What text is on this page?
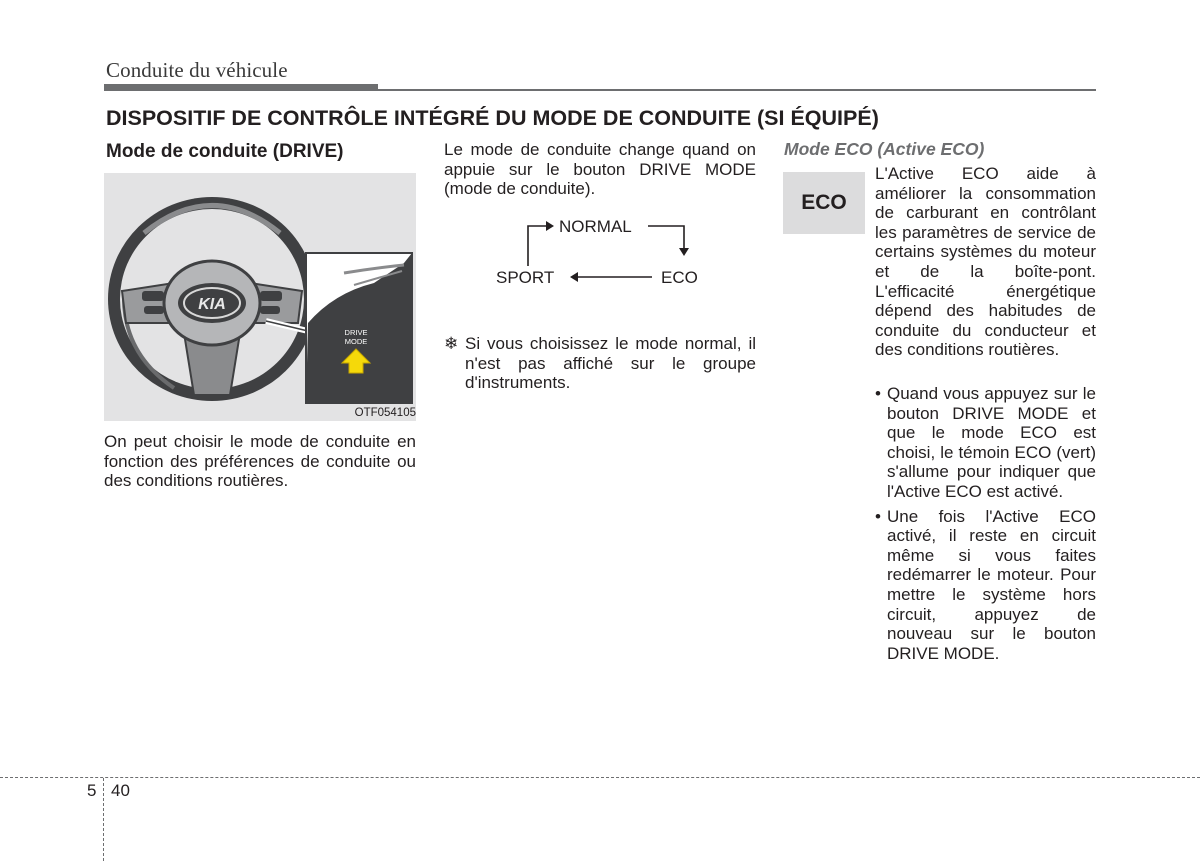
Conduite du véhicule
DISPOSITIF DE CONTRÔLE INTÉGRÉ DU MODE DE CONDUITE (SI ÉQUIPÉ)
Mode de conduite (DRIVE)
KIA
DRIVE
MODE
OTF054105
On peut choisir le mode de conduite en fonction des préférences de conduite ou des conditions routières.
Le mode de conduite change quand on appuie sur le bouton DRIVE MODE (mode de conduite).
NORMAL
SPORT	ECO
❄ Si vous choisissez le mode normal, il n'est pas affiché sur le groupe d'instruments.
Mode ECO (Active ECO)
ECO
L'Active ECO aide à améliorer la consommation de carburant en contrôlant les paramètres de service de certains systèmes du moteur et de la boîte-pont. L'efficacité énergétique dépend des habitudes de conduite du conducteur et des conditions routières.
• Quand vous appuyez sur le bouton DRIVE MODE et que le mode ECO est choisi, le témoin ECO (vert) s'allume pour indiquer que l'Active ECO est activé.
• Une fois l'Active ECO activé, il reste en circuit même si vous faites redémarrer le moteur. Pour mettre le système hors circuit, appuyez de nouveau sur le bouton DRIVE MODE.
5 40
